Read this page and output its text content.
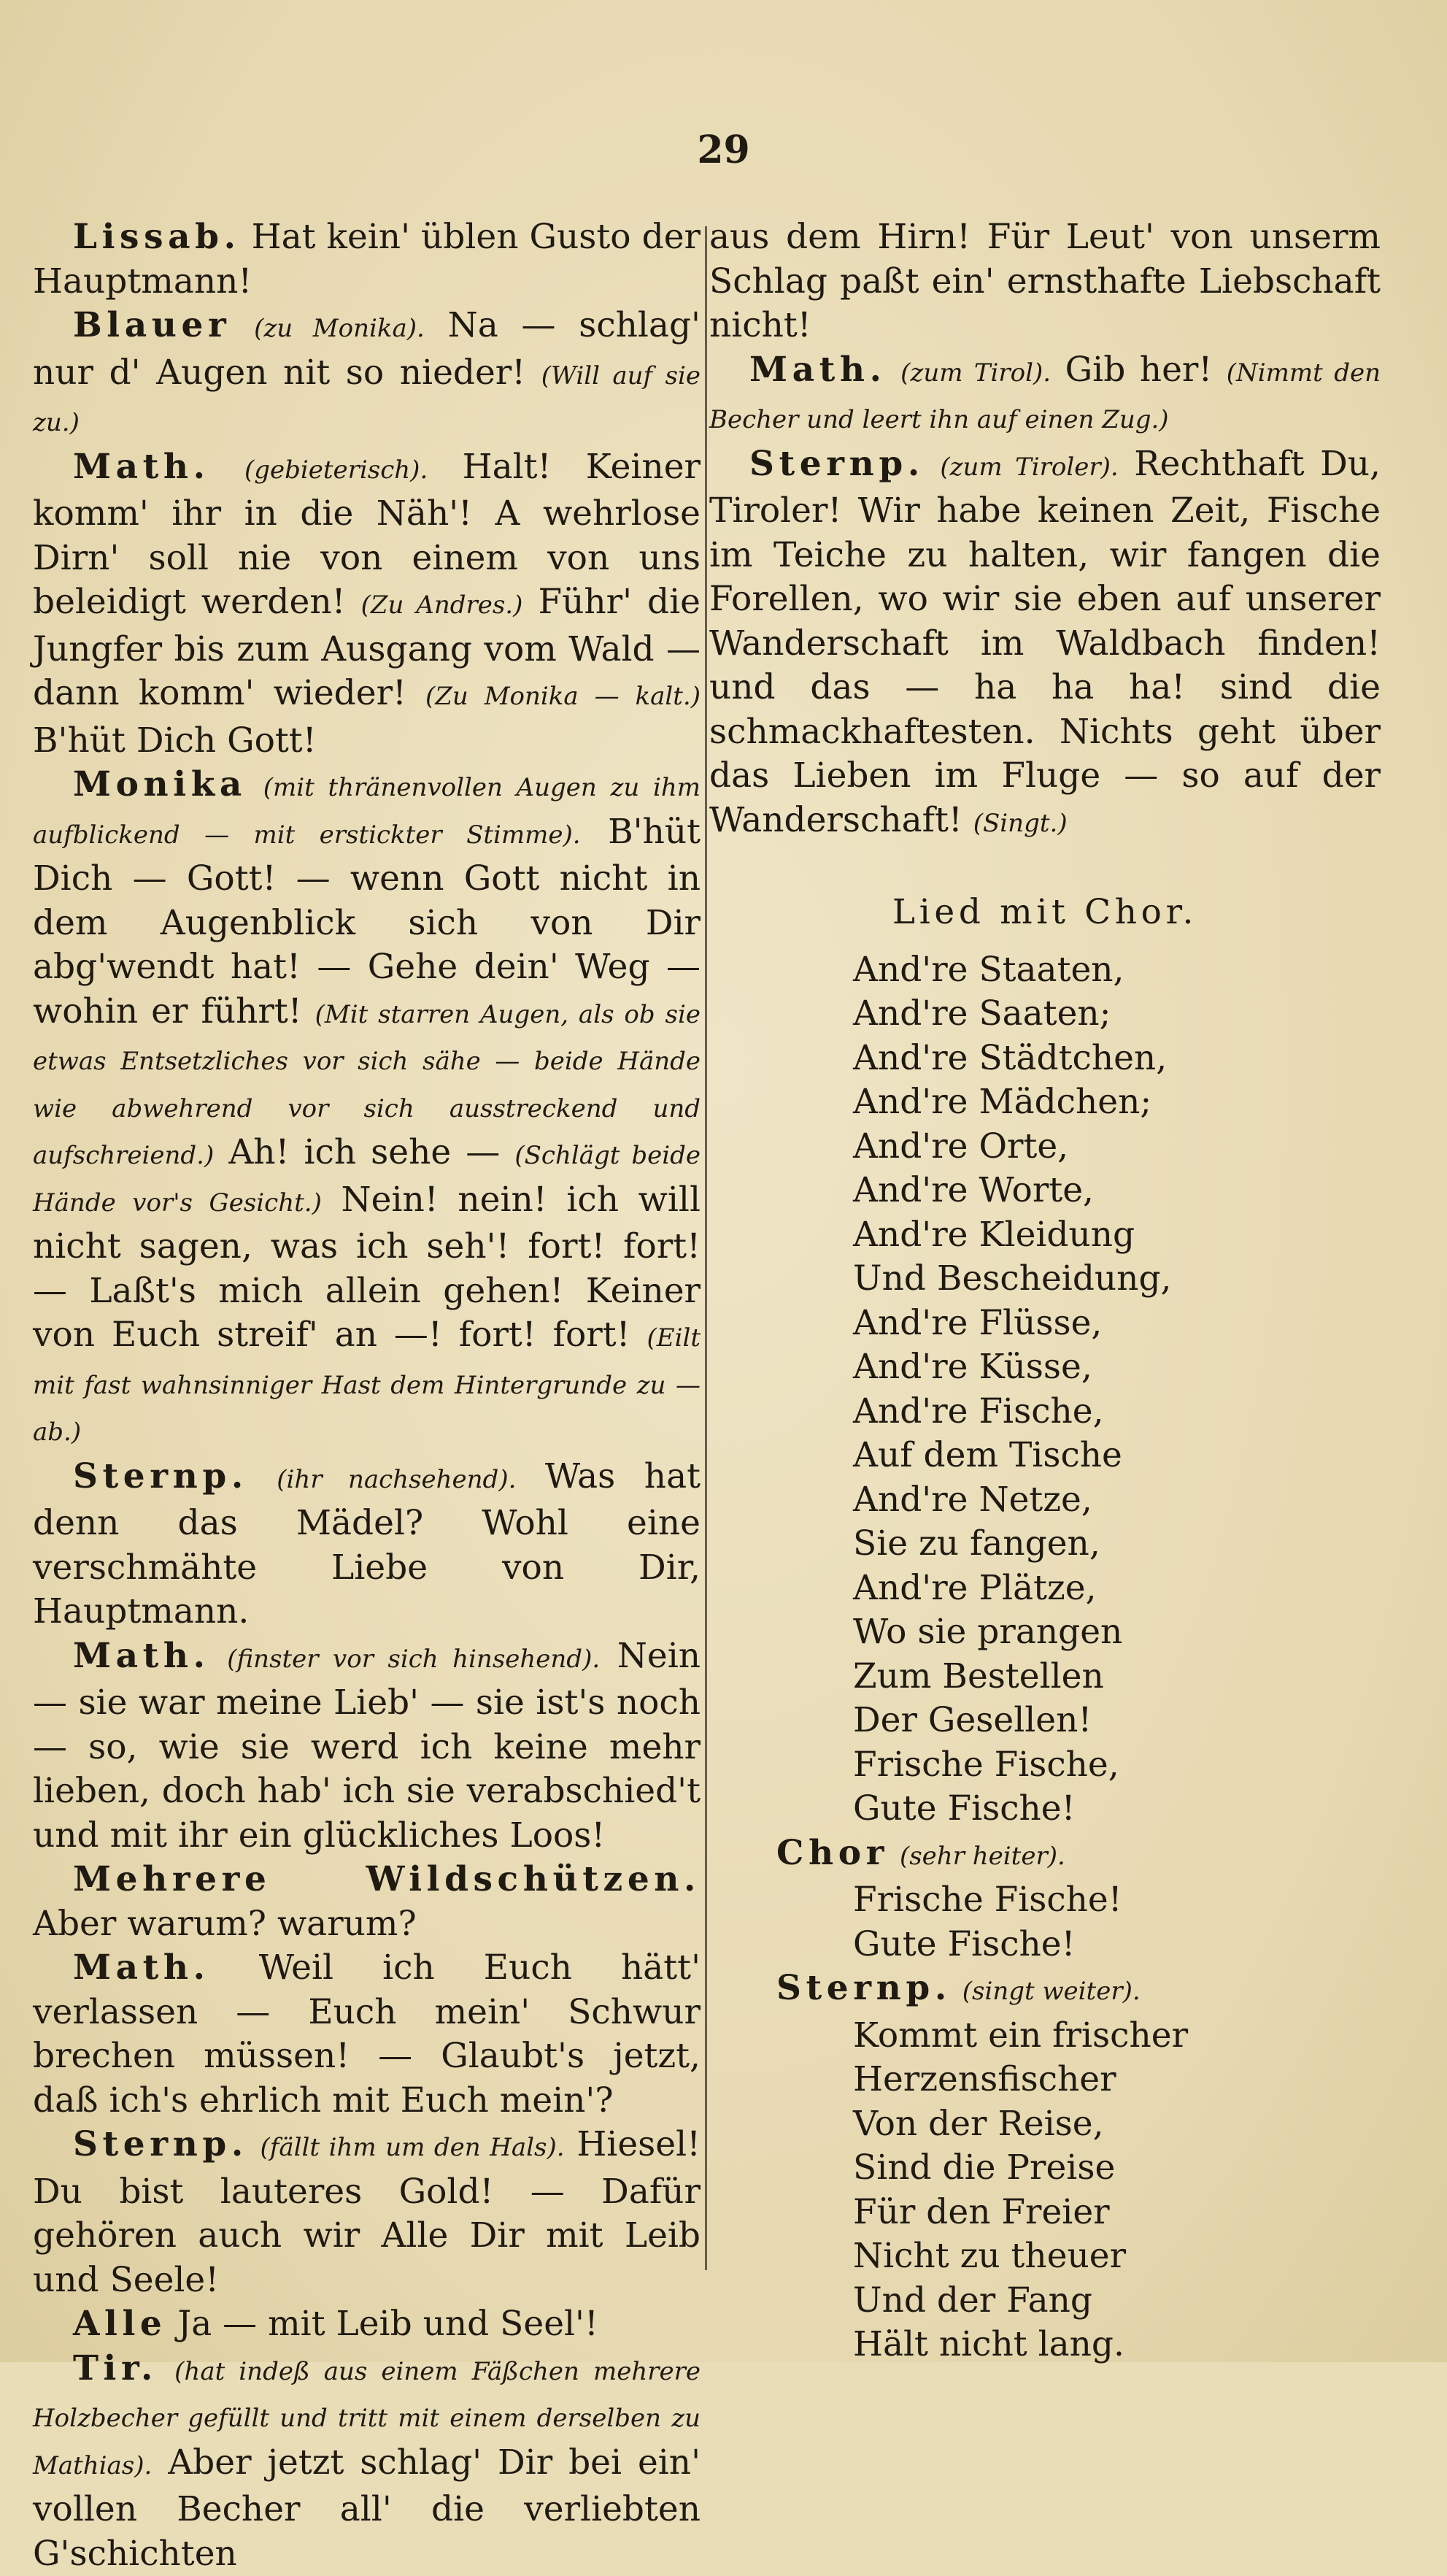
29

Lissab. Hat kein' üblen Gusto der Hauptmann!

Blauer (zu Monika). Na — schlag' nur d' Augen nit so nieder! (Will auf sie zu.)

Math. (gebieterisch). Halt! Keiner komm' ihr in die Näh'! A wehrlose Dirn' soll nie von einem von uns beleidigt werden! (Zu Andres.) Führ' die Jungfer bis zum Ausgang vom Wald — dann komm' wieder! (Zu Monika — kalt.) B'hüt Dich Gott!

Monika (mit thränenvollen Augen zu ihm aufblickend — mit erstickter Stimme). B'hüt Dich — Gott! — wenn Gott nicht in dem Augenblick sich von Dir abg'wendt hat! — Gehe dein' Weg — wohin er führt! (Mit starren Augen, als ob sie etwas Entsetzliches vor sich sähe — beide Hände wie abwehrend vor sich ausstreckend und aufschreiend.) Ah! ich sehe — (Schlägt beide Hände vor's Gesicht.) Nein! nein! ich will nicht sagen, was ich seh'! fort! fort! — Laßt's mich allein gehen! Keiner von Euch streif' an —! fort! fort! (Eilt mit fast wahnsinniger Hast dem Hintergrunde zu — ab.)

Sternp. (ihr nachsehend). Was hat denn das Mädel? Wohl eine verschmähte Liebe von Dir, Hauptmann.

Math. (finster vor sich hinsehend). Nein — sie war meine Lieb' — sie ist's noch — so, wie sie werd ich keine mehr lieben, doch hab' ich sie verabschied't und mit ihr ein glückliches Loos!

Mehrere Wildschützen. Aber warum? warum?

Math. Weil ich Euch hätt' verlassen — Euch mein' Schwur brechen müssen! — Glaubt's jetzt, daß ich's ehrlich mit Euch mein'?

Sternp. (fällt ihm um den Hals). Hiesel! Du bist lauteres Gold! — Dafür gehören auch wir Alle Dir mit Leib und Seele!

Alle Ja — mit Leib und Seel'!

Tir. (hat indeß aus einem Fäßchen mehrere Holzbecher gefüllt und tritt mit einem derselben zu Mathias). Aber jetzt schlag' Dir bei ein' vollen Becher all' die verliebten G'schichten

aus dem Hirn! Für Leut' von unserm Schlag paßt ein' ernsthafte Liebschaft nicht!

Math. (zum Tirol). Gib her! (Nimmt den Becher und leert ihn auf einen Zug.)

Sternp. (zum Tiroler). Rechthaft Du, Tiroler! Wir habe keinen Zeit, Fische im Teiche zu halten, wir fangen die Forellen, wo wir sie eben auf unserer Wanderschaft im Waldbach finden! und das — ha ha ha! sind die schmackhaftesten. Nichts geht über das Lieben im Fluge — so auf der Wanderschaft! (Singt.)

Lied mit Chor.
And're Staaten,
And're Saaten;
And're Städtchen,
And're Mädchen;
And're Orte,
And're Worte,
And're Kleidung
Und Bescheidung,
And're Flüsse,
And're Küsse,
And're Fische,
Auf dem Tische
And're Netze,
Sie zu fangen,
And're Plätze,
Wo sie prangen
Zum Bestellen
Der Gesellen!
Frische Fische,
Gute Fische!

Chor (sehr heiter).

Frische Fische!
Gute Fische!

Sternp. (singt weiter).

Kommt ein frischer
Herzensfischer
Von der Reise,
Sind die Preise
Für den Freier
Nicht zu theuer
Und der Fang
Hält nicht lang.
